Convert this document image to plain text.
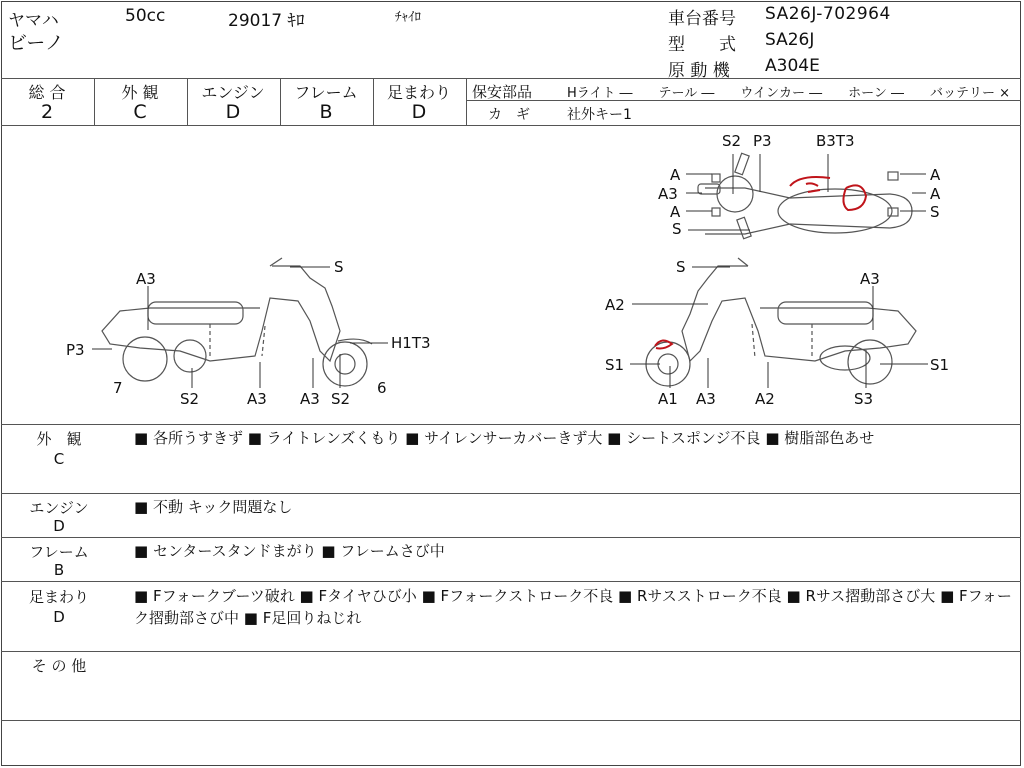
ヤマハ	50cc	29017 ｷﾛ	ﾁｬｲﾛ
ビーノ
車台番号 SA26J-702964
型　　式 SA26J
原 動 機 A304E
総 合
2
外 観
C
エンジン
D
フレーム
B
足まわり
D
保安部品	Hライト ―　　テール ―　　ウインカー ―　　ホーン ―　　バッテリー ×
カ　ギ	社外キー1
S2 P3	B3T3
A
A3
A
S
A
A
S
S
A3
P3	H1T3
7	6
S2	A3 A3 S2
S
A3
A2
S1	S1
A1 A3	A2	S3
外　観
C
■ 各所うすきず ■ ライトレンズくもり ■ サイレンサーカバーきず大 ■ シートスポンジ不良 ■ 樹脂部色あせ
エンジン
D
■ 不動 キック問題なし
フレーム
B
■ センタースタンドまがり ■ フレームさび中
足まわり
D
■ Fフォークブーツ破れ ■ Fタイヤひび小 ■ Fフォークストローク不良 ■ Rサスストローク不良 ■ Rサス摺動部さび大 ■ Fフォーク摺動部さび中 ■ F足回りねじれ
そ の 他
